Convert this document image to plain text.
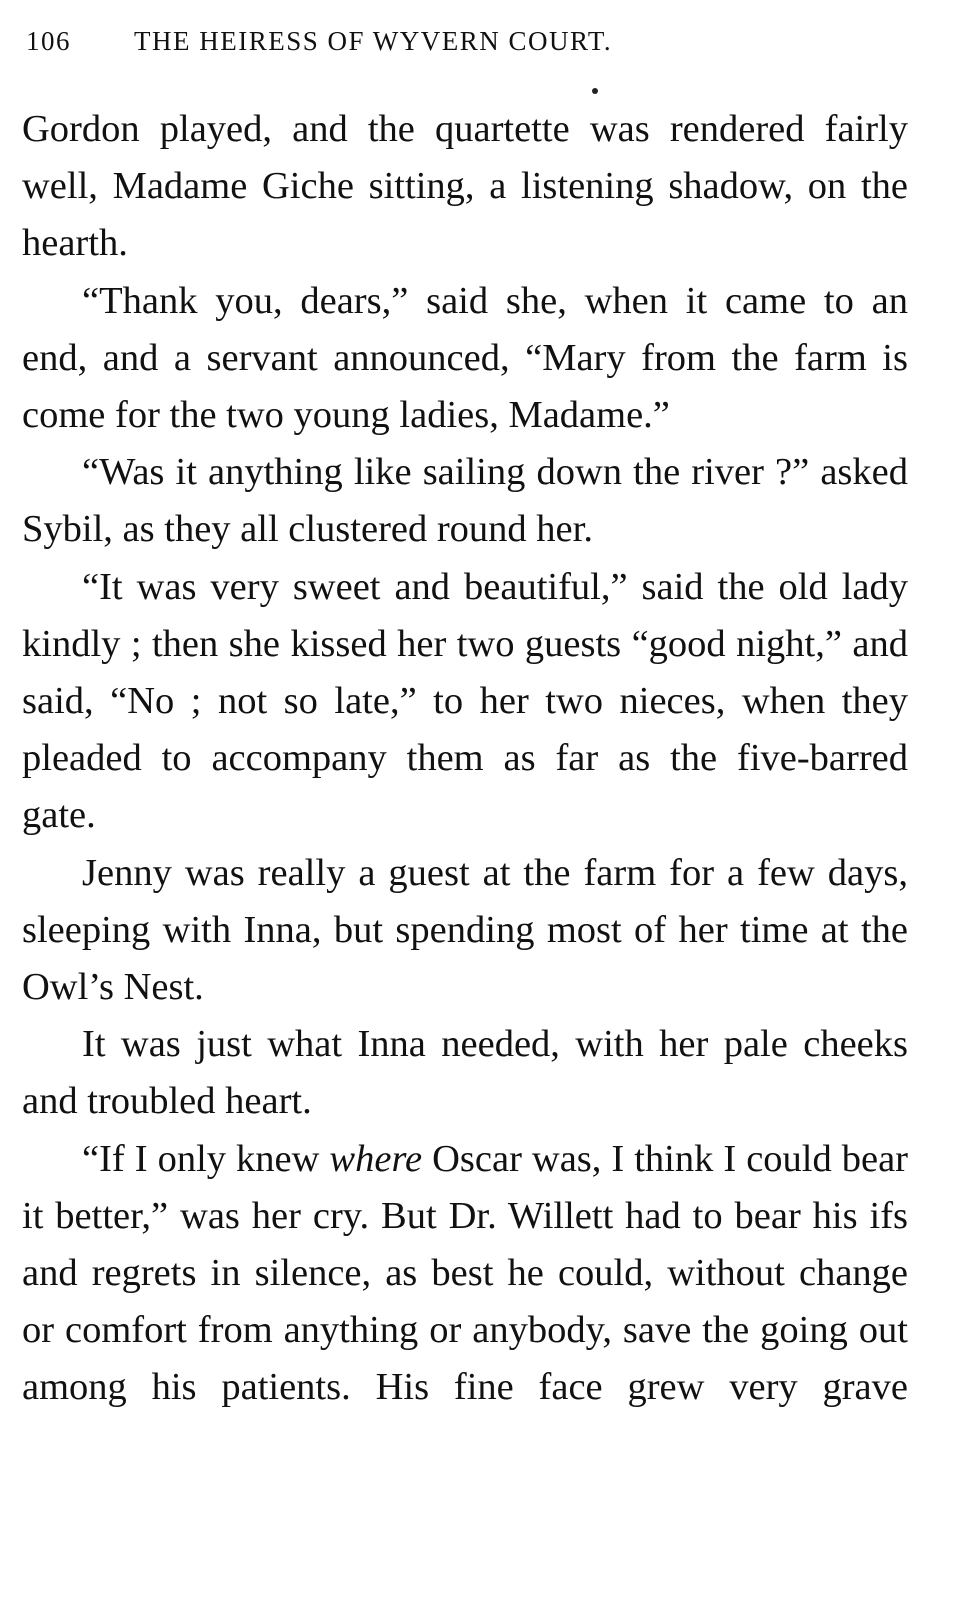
106 THE HEIRESS OF WYVERN COURT.

Gordon played, and the quartette was rendered fairly well, Madame Giche sitting, a listening shadow, on the hearth.

“Thank you, dears,” said she, when it came to an end, and a servant announced, “Mary from the farm is come for the two young ladies, Madame.”

“Was it anything like sailing down the river ?” asked Sybil, as they all clustered round her.

“It was very sweet and beautiful,” said the old lady kindly ; then she kissed her two guests “good night,” and said, “No ; not so late,” to her two nieces, when they pleaded to accompany them as far as the five-barred gate.

Jenny was really a guest at the farm for a few days, sleeping with Inna, but spending most of her time at the Owl’s Nest.

It was just what Inna needed, with her pale cheeks and troubled heart.

“If I only knew where Oscar was, I think I could bear it better,” was her cry. But Dr. Willett had to bear his ifs and regrets in silence, as best he could, without change or comfort from anything or anybody, save the going out among his patients. His fine face grew very grave
